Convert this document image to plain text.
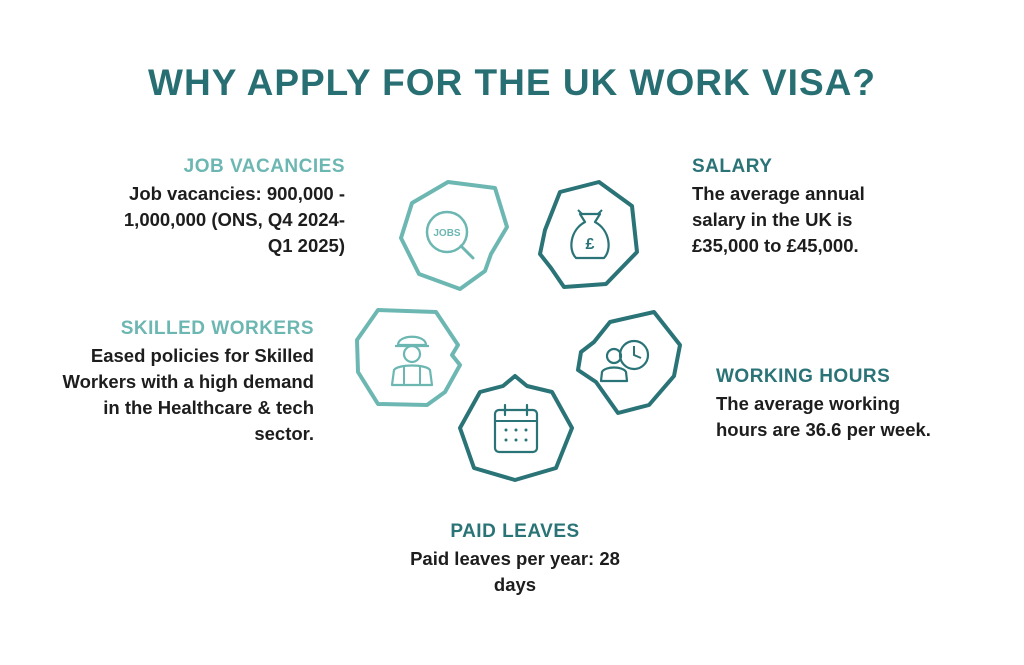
WHY APPLY FOR THE UK WORK VISA?
JOB VACANCIES
Job vacancies: 900,000 - 1,000,000 (ONS, Q4 2024-Q1 2025)
SALARY
The average annual salary in the UK is £35,000 to £45,000.
SKILLED WORKERS
Eased policies for Skilled Workers with a high demand in the Healthcare & tech sector.
WORKING HOURS
The average working hours are 36.6 per week.
PAID LEAVES
Paid leaves per year: 28 days
JOBS
£
